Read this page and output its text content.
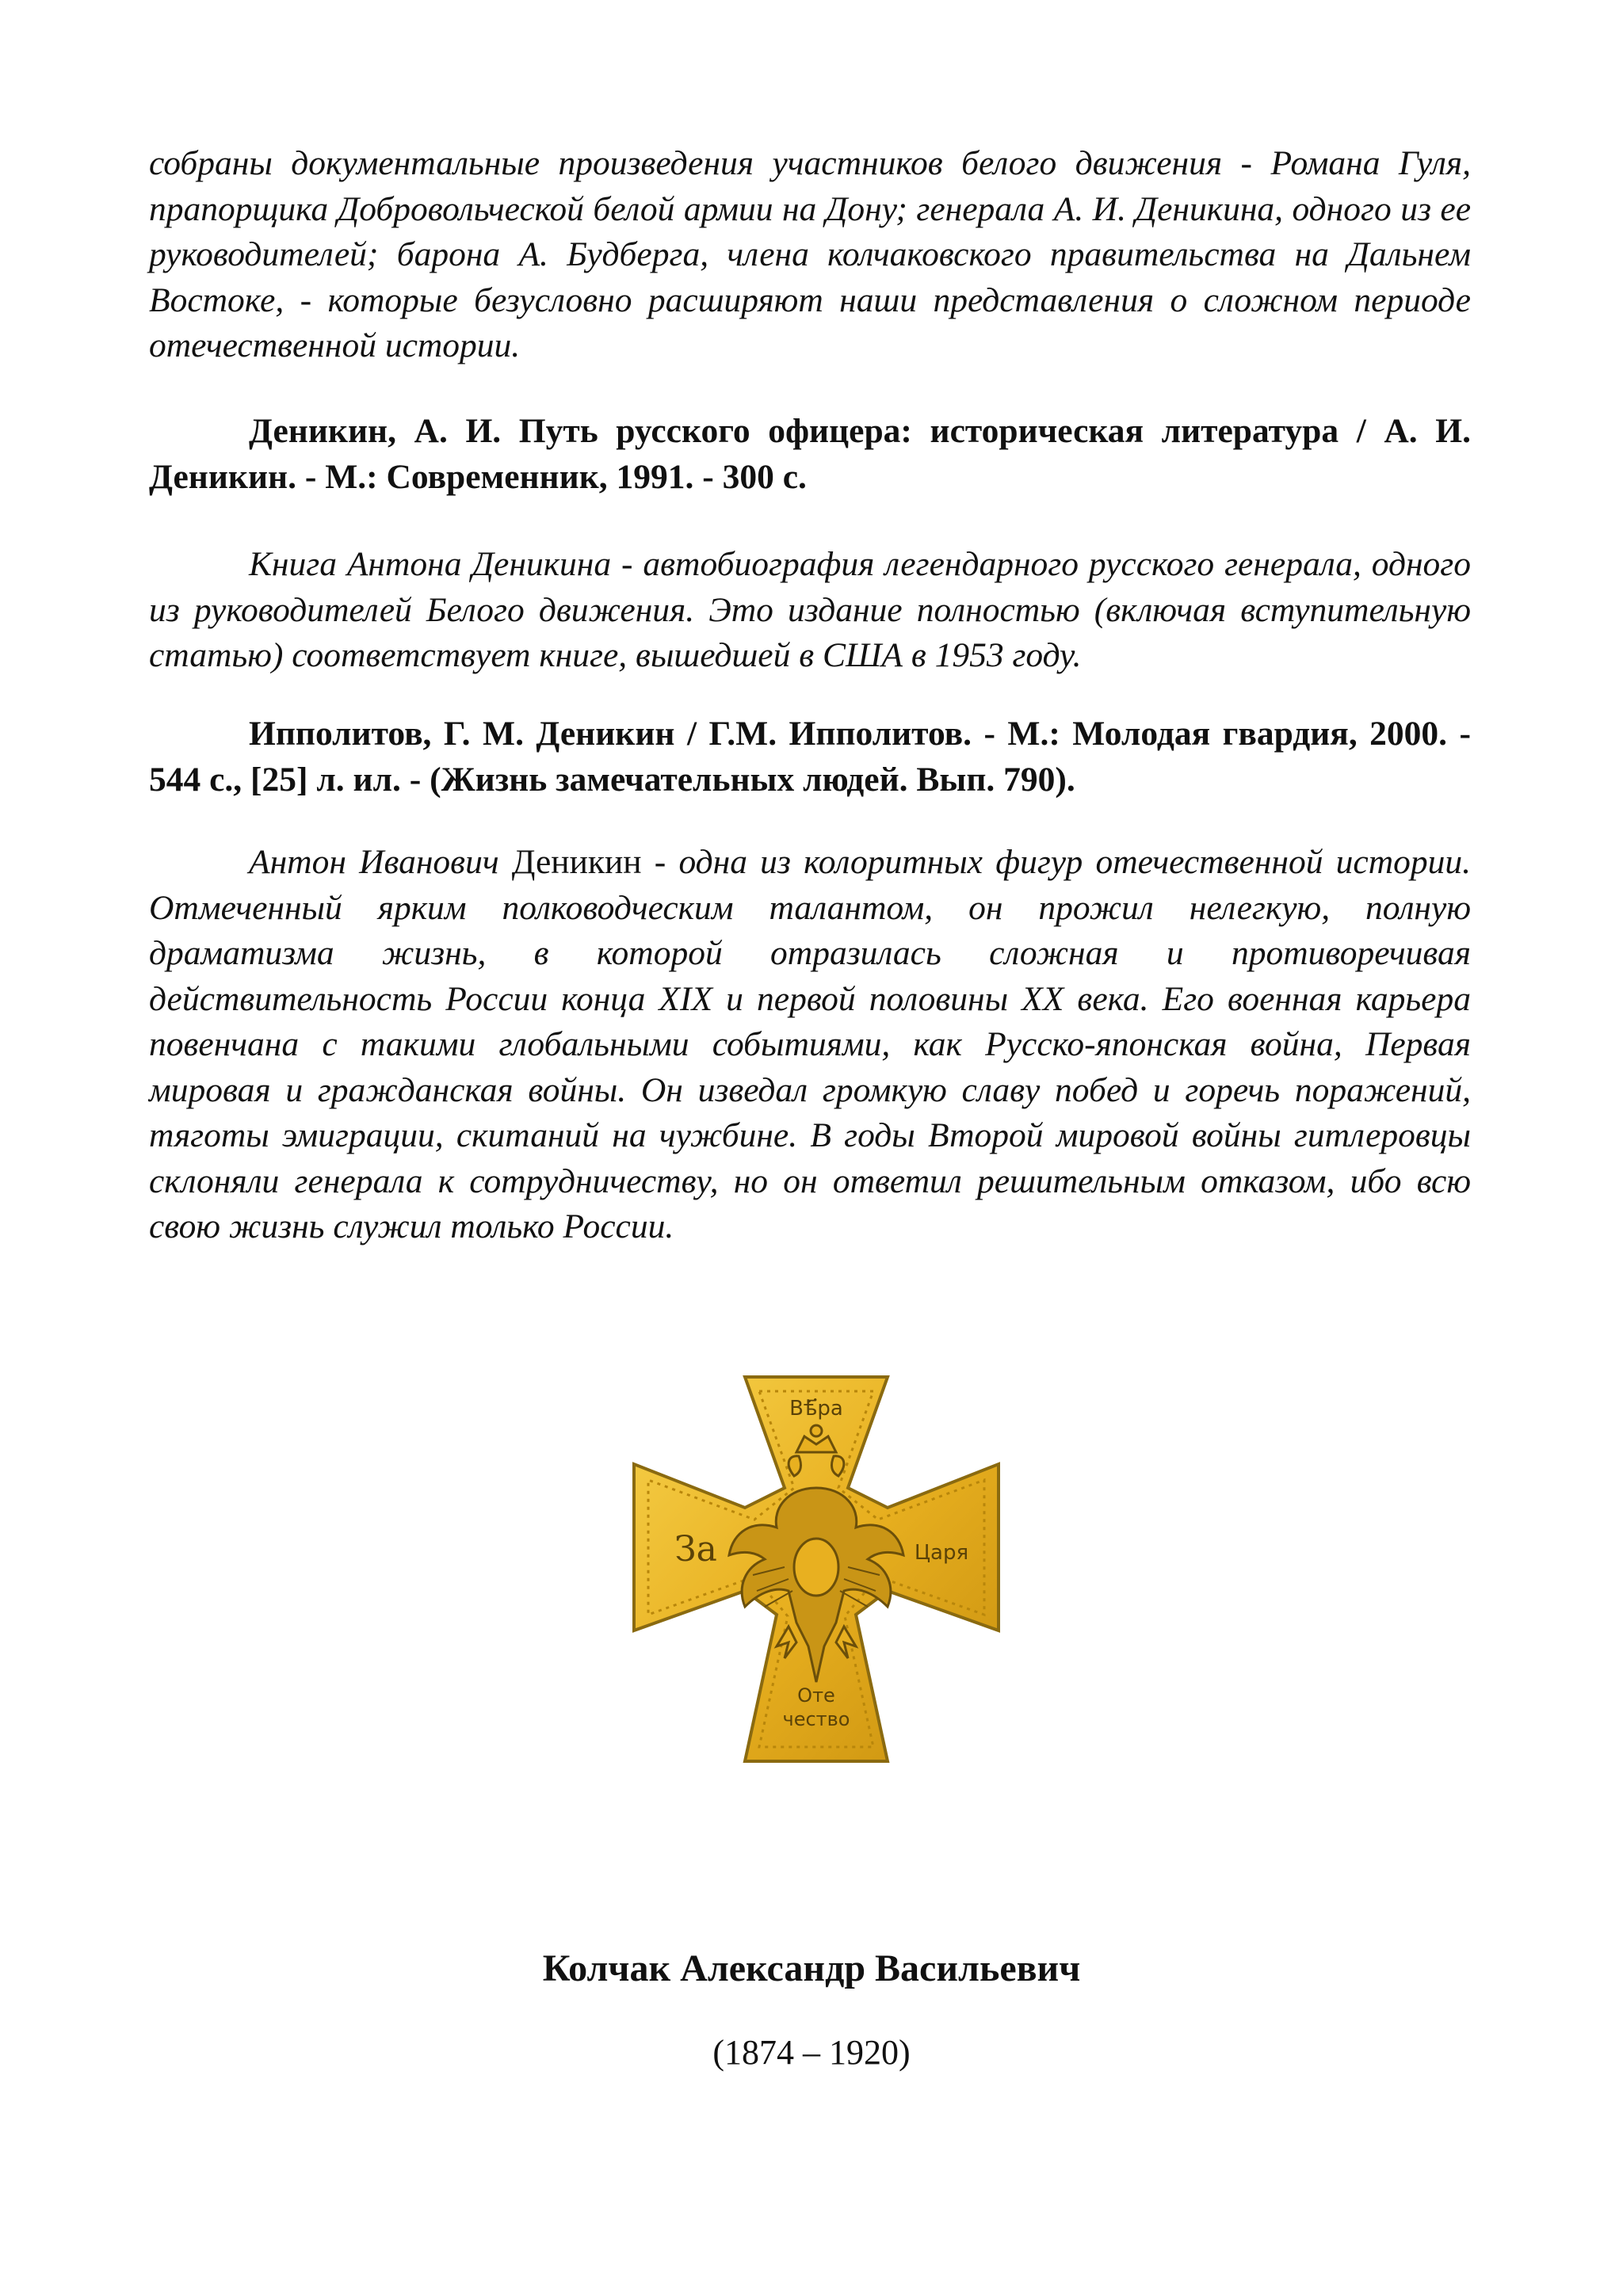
собраны документальные произведения участников белого движения - Романа Гуля, прапорщика Добровольческой белой армии на Дону; генерала А. И. Деникина, одного из ее руководителей; барона А. Будберга, члена колчаковского правительства на Дальнем Востоке, - которые безусловно расширяют наши представления о сложном периоде отечественной истории.

Деникин, А. И. Путь русского офицера: историческая литература / А. И. Деникин. - М.: Современник, 1991. - 300 с.

Книга Антона Деникина - автобиография легендарного русского генерала, одного из руководителей Белого движения. Это издание полностью (включая вступительную статью) соответствует книге, вышедшей в США в 1953 году.

Ипполитов, Г. М. Деникин / Г.М. Ипполитов. - М.: Молодая гвардия, 2000. - 544 с., [25] л. ил. - (Жизнь замечательных людей. Вып. 790).

Антон Иванович Деникин - одна из колоритных фигур отечественной истории. Отмеченный ярким полководческим талантом, он прожил нелегкую, полную драматизма жизнь, в которой отразилась сложная и противоречивая действительность России конца XIX и первой половины XX века. Его военная карьера повенчана с такими глобальными событиями, как Русско-японская война, Первая мировая и гражданская войны. Он изведал громкую славу побед и горечь поражений, тяготы эмиграции, скитаний на чужбине. В годы Второй мировой войны гитлеровцы склоняли генерала к сотрудничеству, но он ответил решительным отказом, ибо всю свою жизнь служил только России.

Вѣ҃ра
За	Царя
Оте
чество
Колчак Александр Васильевич

(1874 – 1920)
